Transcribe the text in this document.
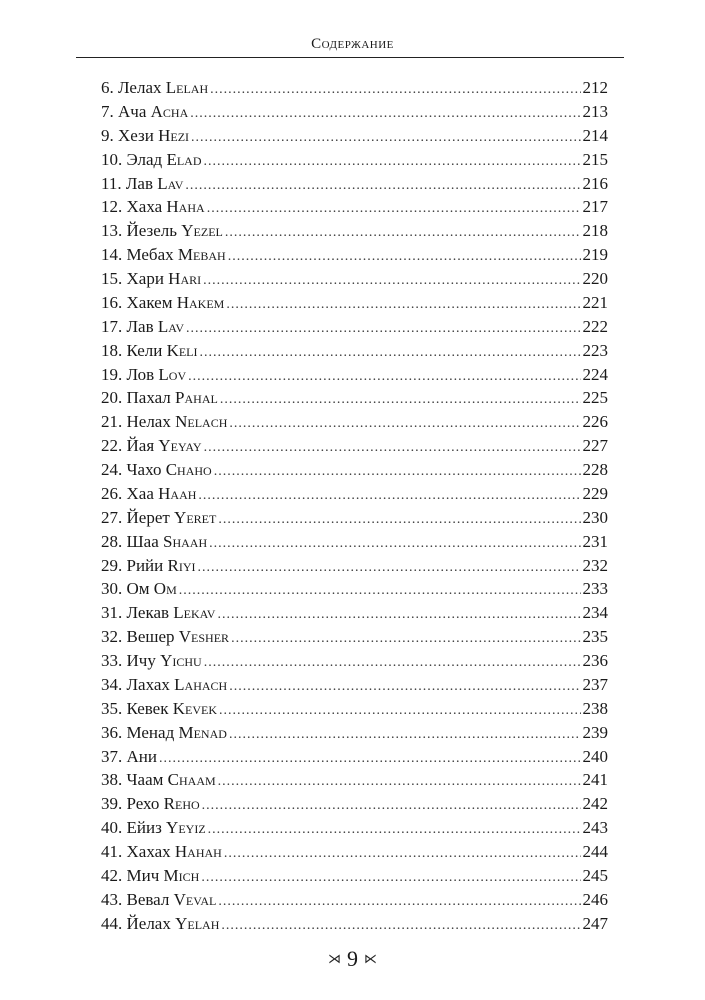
Содержание
6. Лелах Lelah .....	212
7. Ача Acha .....	213
9. Хези Hezi .....	214
10. Элад Elad .....	215
11. Лав Lav .....	216
12. Хаха Haha .....	217
13. Йезель Yezel .....	218
14. Мебах Mebah .....	219
15. Хари Hari .....	220
16. Хакем Hakem .....	221
17. Лав Lav .....	222
18. Кели Keli .....	223
19. Лов Lov .....	224
20. Пахал Pahal .....	225
21. Нелах Nelach .....	226
22. Йая Yeyay .....	227
24. Чахо Chaho .....	228
26. Хаа Haah .....	229
27. Йерет Yeret .....	230
28. Шаа Shaah .....	231
29. Рийи Riyi .....	232
30. Ом Om .....	233
31. Лекав Lekav .....	234
32. Вешер Vesher .....	235
33. Ичу Yichu .....	236
34. Лахах Lahach .....	237
35. Кевек Kevek .....	238
36. Менад Menad .....	239
37. Ани .....	240
38. Чаам Chaam .....	241
39. Рехо Reho .....	242
40. Ейиз Yeyiz .....	243
41. Хахах Hahah .....	244
42. Мич Mich .....	245
43. Вевал Veval .....	246
44. Йелах Yelah .....	247
⋊ 9 ⋉
